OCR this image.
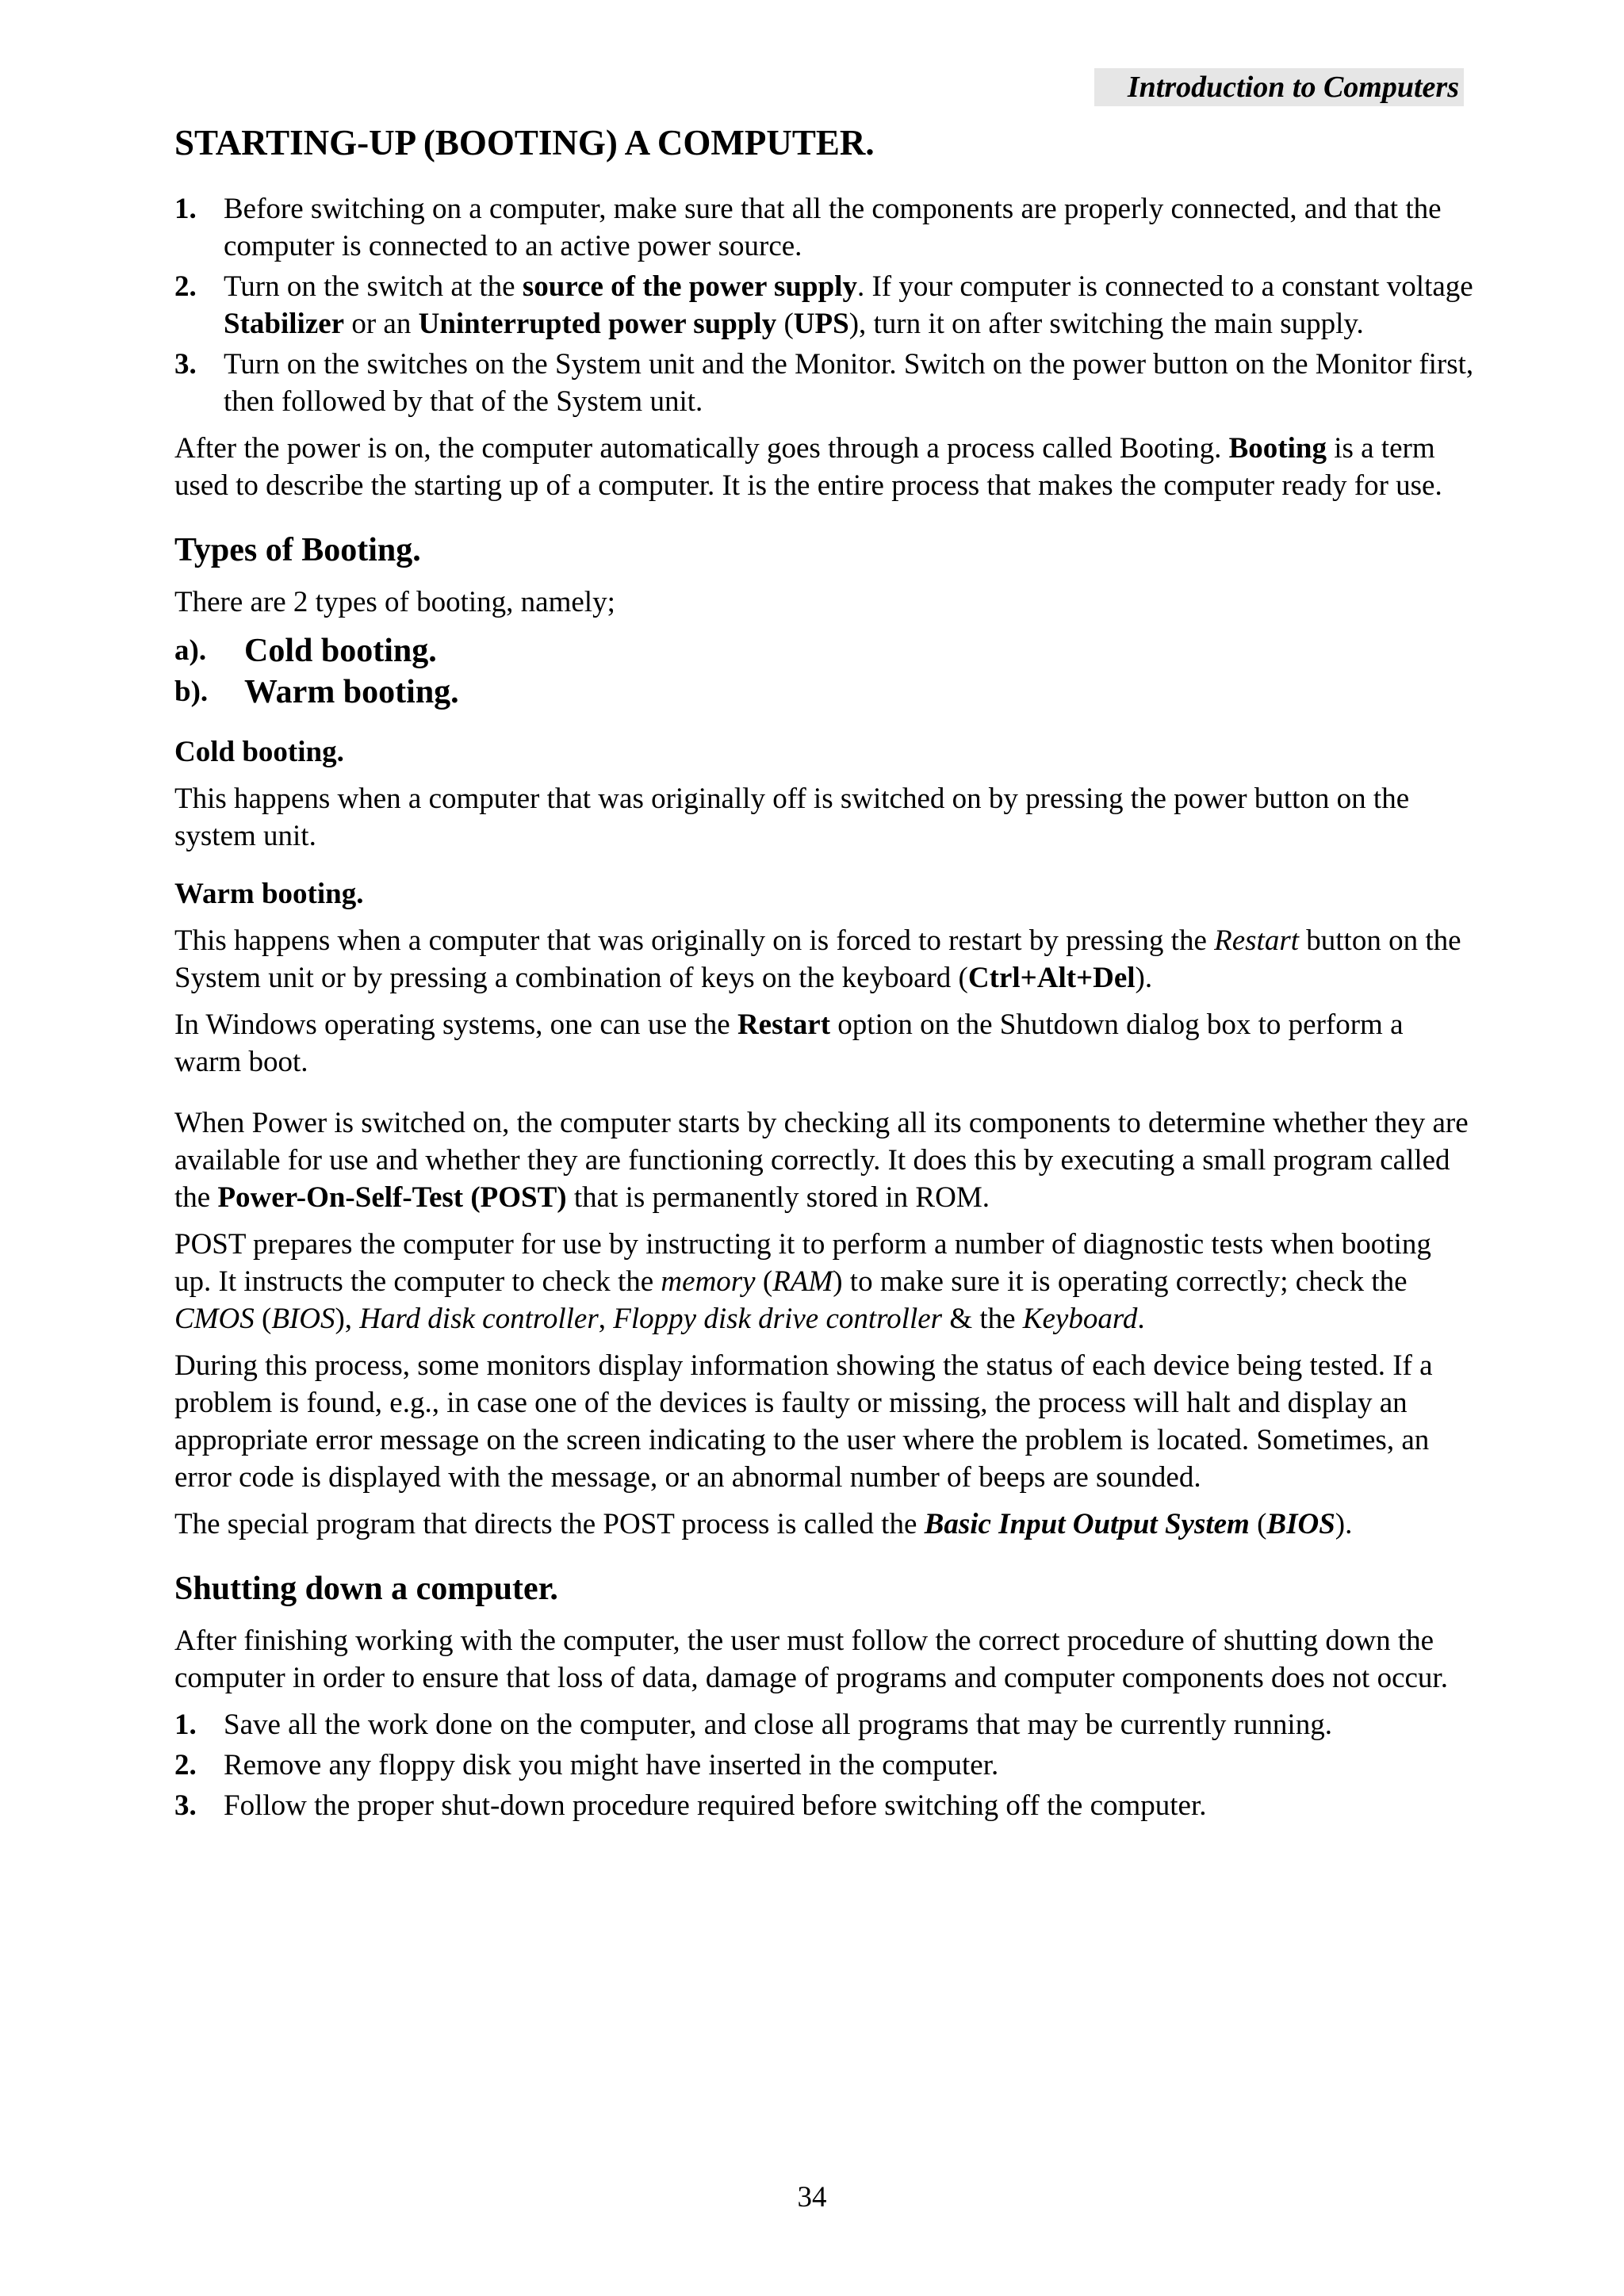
Introduction to Computers
STARTING-UP (BOOTING) A COMPUTER.
1. Before switching on a computer, make sure that all the components are properly connected, and that the computer is connected to an active power source.
2. Turn on the switch at the source of the power supply. If your computer is connected to a constant voltage Stabilizer or an Uninterrupted power supply (UPS), turn it on after switching the main supply.
3. Turn on the switches on the System unit and the Monitor. Switch on the power button on the Monitor first, then followed by that of the System unit.

After the power is on, the computer automatically goes through a process called Booting. Booting is a term used to describe the starting up of a computer. It is the entire process that makes the computer ready for use.

Types of Booting.

There are 2 types of booting, namely;

a). Cold booting.
b). Warm booting.
Cold booting.

This happens when a computer that was originally off is switched on by pressing the power button on the system unit.

Warm booting.

This happens when a computer that was originally on is forced to restart by pressing the Restart button on the System unit or by pressing a combination of keys on the keyboard (Ctrl+Alt+Del).

In Windows operating systems, one can use the Restart option on the Shutdown dialog box to perform a warm boot.

When Power is switched on, the computer starts by checking all its components to determine whether they are available for use and whether they are functioning correctly. It does this by executing a small program called the Power-On-Self-Test (POST) that is permanently stored in ROM.

POST prepares the computer for use by instructing it to perform a number of diagnostic tests when booting up. It instructs the computer to check the memory (RAM) to make sure it is operating correctly; check the CMOS (BIOS), Hard disk controller, Floppy disk drive controller & the Keyboard.

During this process, some monitors display information showing the status of each device being tested. If a problem is found, e.g., in case one of the devices is faulty or missing, the process will halt and display an appropriate error message on the screen indicating to the user where the problem is located. Sometimes, an error code is displayed with the message, or an abnormal number of beeps are sounded.

The special program that directs the POST process is called the Basic Input Output System (BIOS).

Shutting down a computer.

After finishing working with the computer, the user must follow the correct procedure of shutting down the computer in order to ensure that loss of data, damage of programs and computer components does not occur.

1. Save all the work done on the computer, and close all programs that may be currently running.
2. Remove any floppy disk you might have inserted in the computer.
3. Follow the proper shut-down procedure required before switching off the computer.
34
